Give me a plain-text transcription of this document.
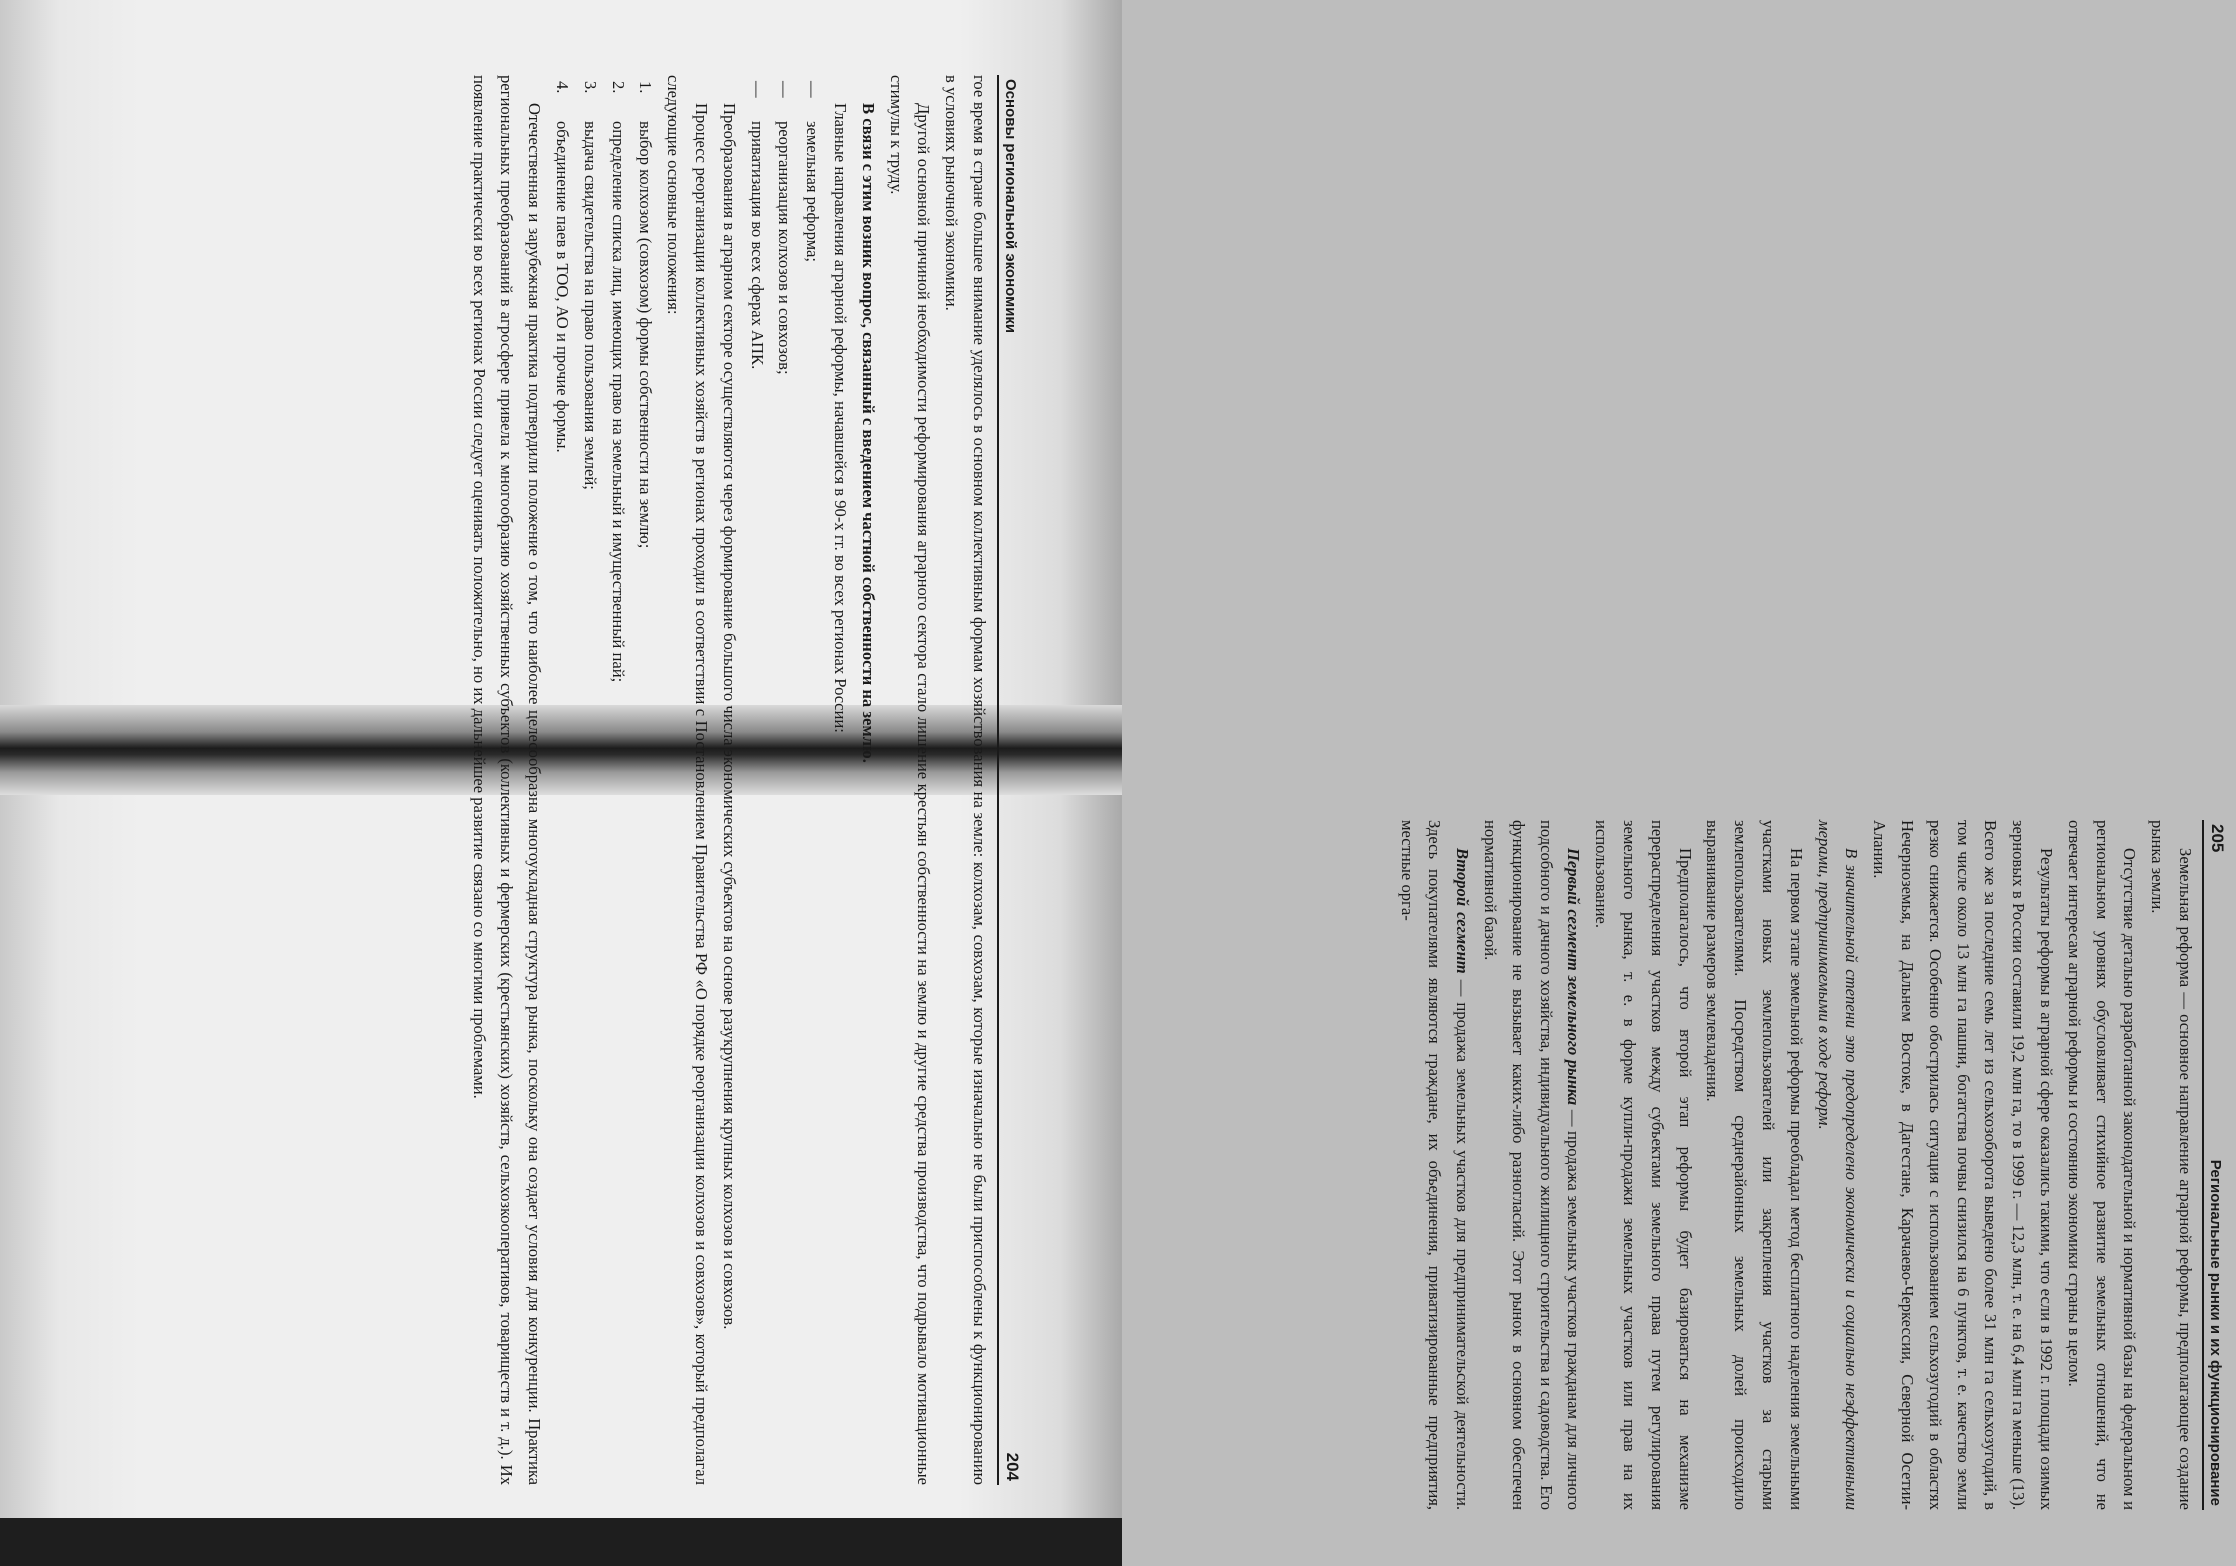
Основы региональной экономики
204

гое время в стране большее внимание уделялось в основном коллективным формам хозяйствования на земле: колхозам, совхозам, которые изначально не были приспособлены к функционированию в условиях рыночной экономики.

Другой основной причиной необходимости реформирования аграрного сектора стало лишение крестьян собственности на землю и другие средства производства, что подрывало мотивационные стимулы к труду.

В связи с этим возник вопрос, связанный с введением частной собственности на землю.

Главные направления аграрной реформы, начавшейся в 90-х гг. во всех регионах России:

—
земельная реформа;
—
реорганизация колхозов и совхозов;
—
приватизация во всех сферах АПК.

Преобразования в аграрном секторе осуществляются через формирование большого числа экономических субъектов на основе разукрупнения крупных колхозов и совхозов.

Процесс реорганизации коллективных хозяйств в регионах проходил в соответствии с Постановлением Правительства РФ «О порядке реорганизации колхозов и совхозов», который предполагал следующие основные положения:

1.
выбор колхозом (совхозом) формы собственности на землю;
2.
определение списка лиц, имеющих право на земельный и имущественный пай;
3.
выдача свидетельства на право пользования землей;
4.
объединение паев в ТОО, АО и прочие формы.

Отечественная и зарубежная практика подтвердили положение о том, что наиболее целесообразна многоукладная структура рынка, поскольку она создает условия для конкуренции. Практика региональных преобразований в агросфере привела к многообразию хозяйственных субъектов (коллективных и фермерских (крестьянских) хозяйств, сельхозкооперативов, товариществ и т. д.). Их появление практически во всех регионах России следует оценивать положительно, но их дальнейшее развитие связано со многими проблемами.	205
Региональные рынки и их функционирование

Земельная реформа — основное направление аграрной реформы, предполагающее создание рынка земли.

Отсутствие детально разработанной законодательной и нормативной базы на федеральном и региональном уровнях обусловливает стихийное развитие земельных отношений, что не отвечает интересам аграрной реформы и состоянию экономики страны в целом.

Результаты реформы в аграрной сфере оказались такими, что если в 1992 г. площади озимых зерновых в России составили 19,2 млн га, то в 1999 г. — 12,3 млн, т. е. на 6,4 млн га меньше (13). Всего же за последние семь лет из сельхозоборота выведено более 31 млн га сельхозугодий, в том числе около 13 млн га пашни, богатства почвы снизился на 6 пунктов, т. е. качество земли резко снижается. Особенно обострилась ситуация с использованием сельхозугодий в областях Нечерноземья, на Дальнем Востоке, в Дагестане, Карачаево-Черкессии, Северной Осетии-Алании.

В значительной степени это предопределено экономически и социально неэффективными мерами, предпринимаемыми в ходе реформ.

На первом этапе земельной реформы преобладал метод бесплатного наделения земельными участками новых землепользователей или закрепления участков за старыми землепользователями. Посредством среднерайонных земельных долей происходило выравнивание размеров землевладения.

Предполагалось, что второй этап реформы будет базироваться на механизме перераспределения участков между субъектами земельного права путем регулирования земельного рынка, т. е. в форме купли-продажи земельных участков или прав на их использование.

Первый сегмент земельного рынка — продажа земельных участков гражданам для личного подсобного и дачного хозяйства, индивидуального жилищного строительства и садоводства. Его функционирование не вызывает каких-либо разногласий. Этот рынок в основном обеспечен нормативной базой.

Второй сегмент — продажа земельных участков для предпринимательской деятельности. Здесь покупателями являются граждане, их объединения, приватизированные предприятия, местные орга-
